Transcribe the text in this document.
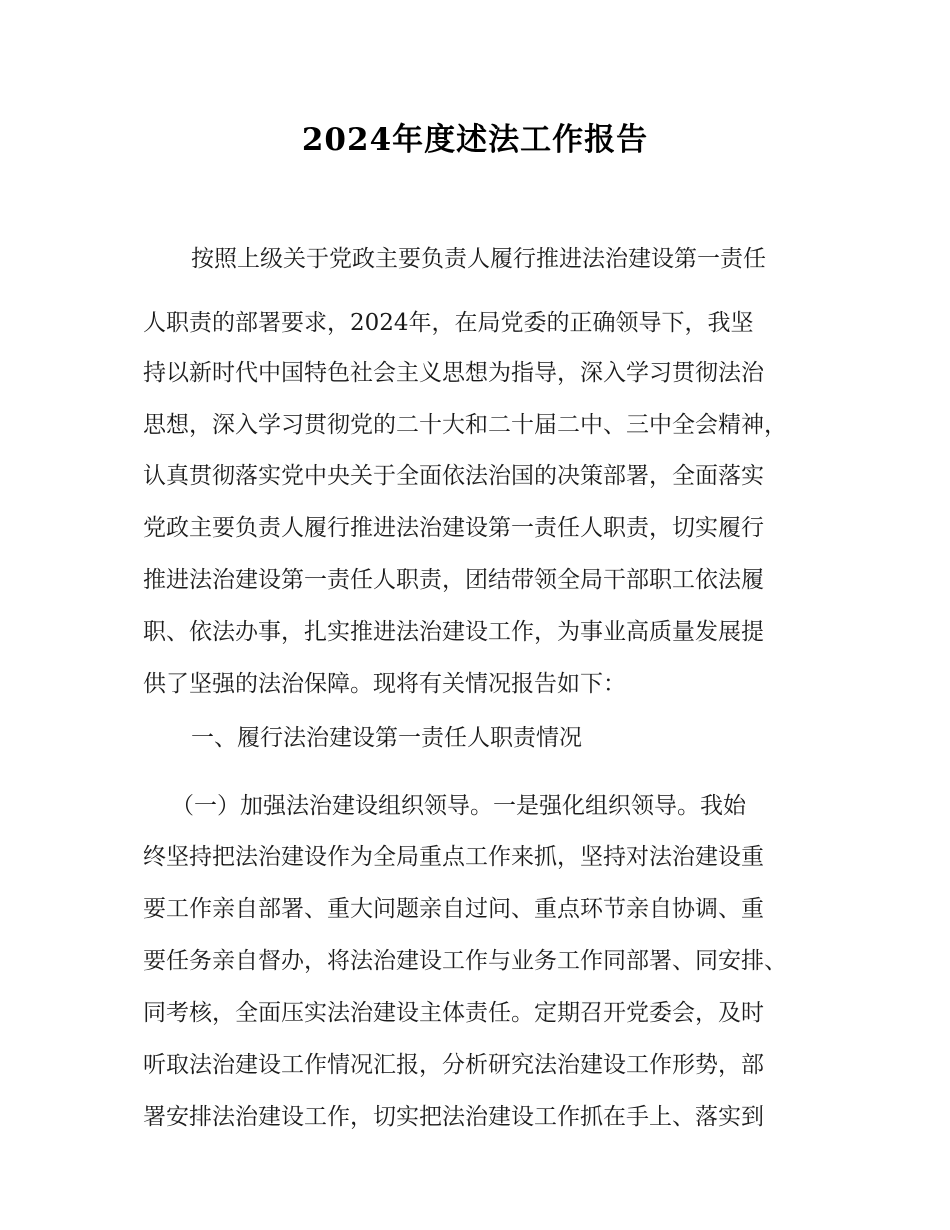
2024年度述法工作报告
按照上级关于党政主要负责人履行推进法治建设第一责任
人职责的部署要求，2024年，在局党委的正确领导下，我坚
持以新时代中国特色社会主义思想为指导，深入学习贯彻法治
思想，深入学习贯彻党的二十大和二十届二中、三中全会精神，
认真贯彻落实党中央关于全面依法治国的决策部署，全面落实
党政主要负责人履行推进法治建设第一责任人职责，切实履行
推进法治建设第一责任人职责，团结带领全局干部职工依法履
职、依法办事，扎实推进法治建设工作，为事业高质量发展提
供了坚强的法治保障。现将有关情况报告如下：
一、履行法治建设第一责任人职责情况
（一）加强法治建设组织领导。一是强化组织领导。我始
终坚持把法治建设作为全局重点工作来抓，坚持对法治建设重
要工作亲自部署、重大问题亲自过问、重点环节亲自协调、重
要任务亲自督办，将法治建设工作与业务工作同部署、同安排、
同考核，全面压实法治建设主体责任。定期召开党委会，及时
听取法治建设工作情况汇报，分析研究法治建设工作形势，部
署安排法治建设工作，切实把法治建设工作抓在手上、落实到
